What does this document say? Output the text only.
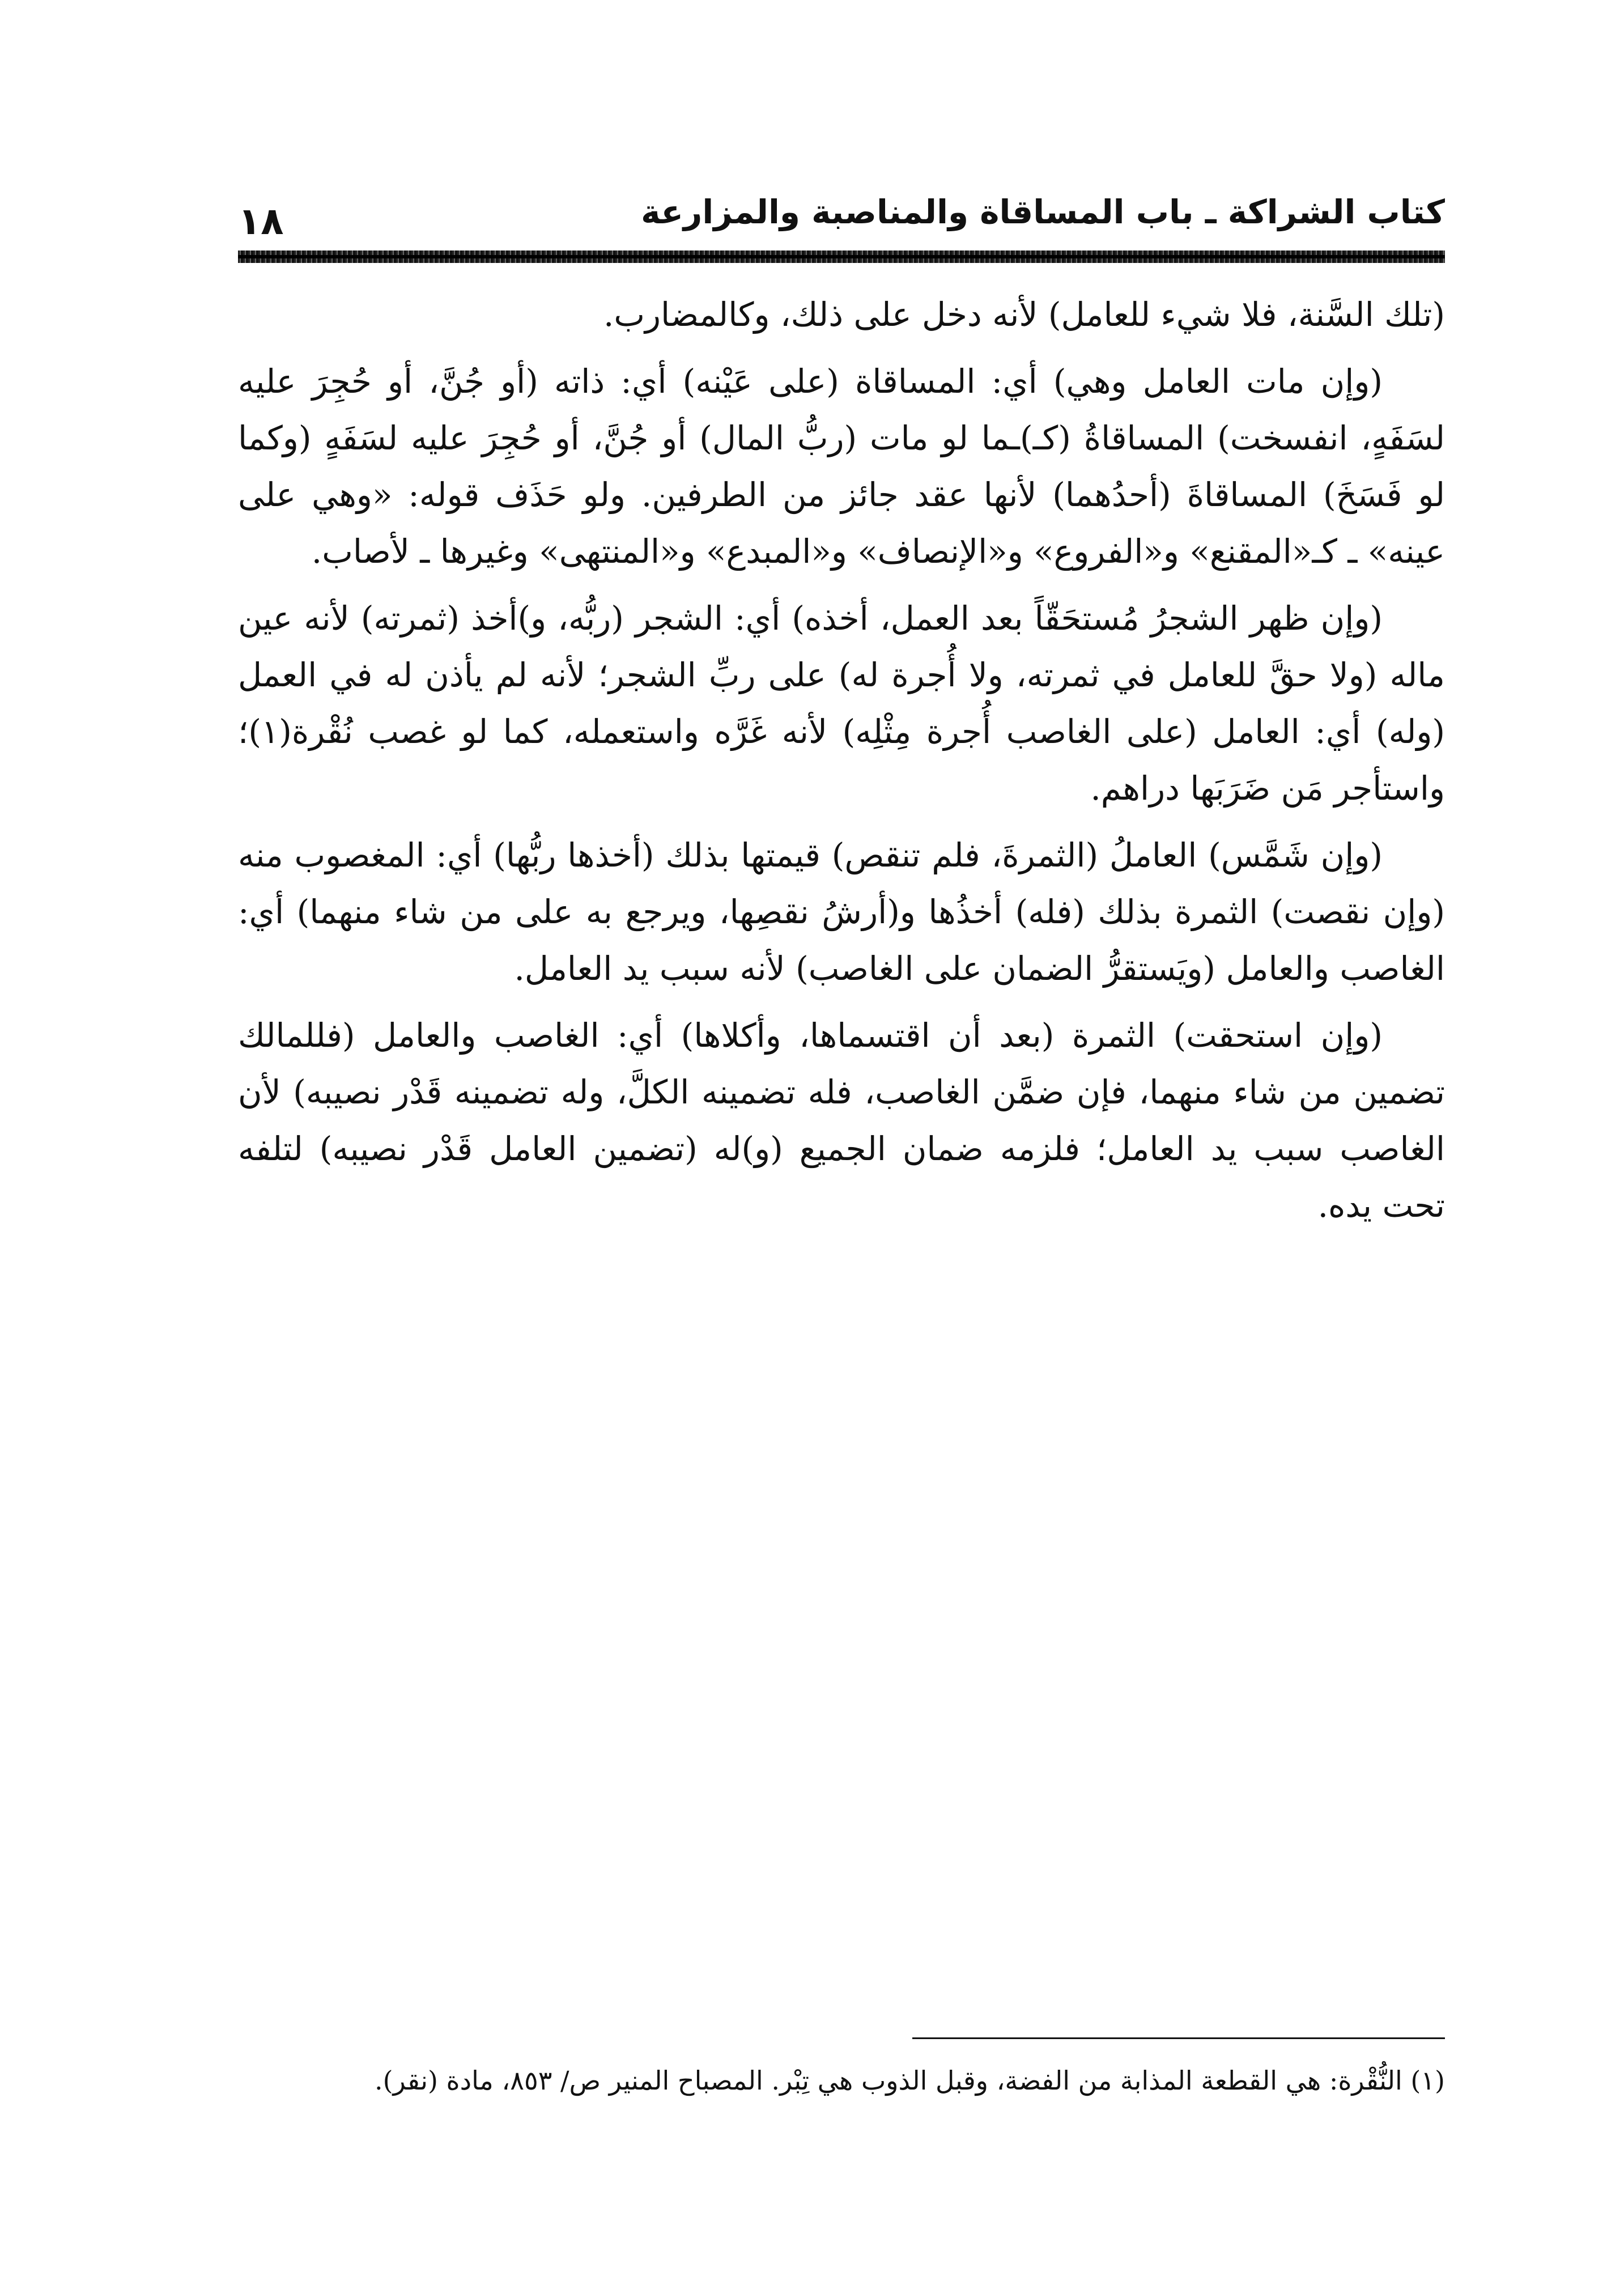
كتاب الشراكة ـ باب المساقاة والمناصبة والمزارعة
١٨

(تلك السَّنة، فلا شيء للعامل) لأنه دخل على ذلك، وكالمضارب.

(وإن مات العامل وهي) أي: المساقاة (على عَيْنه) أي: ذاته (أو جُنَّ، أو حُجِرَ عليه لسَفَهٍ، انفسخت) المساقاةُ (كـ)ـما لو مات (ربُّ المال) أو جُنَّ، أو حُجِرَ عليه لسَفَهٍ (وكما لو فَسَخَ) المساقاةَ (أحدُهما) لأنها عقد جائز من الطرفين. ولو حَذَف قوله: «وهي على عينه» ـ كـ«المقنع» و«الفروع» و«الإنصاف» و«المبدع» و«المنتهى» وغيرها ـ لأصاب.

(وإن ظهر الشجرُ مُستحَقّاً بعد العمل، أخذه) أي: الشجر (ربُّه، و)أخذ (ثمرته) لأنه عين ماله (ولا حقَّ للعامل في ثمرته، ولا أُجرة له) على ربِّ الشجر؛ لأنه لم يأذن له في العمل (وله) أي: العامل (على الغاصب أُجرة مِثْلِه) لأنه غَرَّه واستعمله، كما لو غصب نُقْرة(١)؛ واستأجر مَن ضَرَبَها دراهم.

(وإن شَمَّس) العاملُ (الثمرةَ، فلم تنقص) قيمتها بذلك (أخذها ربُّها) أي: المغصوب منه (وإن نقصت) الثمرة بذلك (فله) أخذُها و(أرشُ نقصِها، ويرجع به على من شاء منهما) أي: الغاصب والعامل (ويَستقرُّ الضمان على الغاصب) لأنه سبب يد العامل.

(وإن استحقت) الثمرة (بعد أن اقتسماها، وأكلاها) أي: الغاصب والعامل (فللمالك تضمين من شاء منهما، فإن ضمَّن الغاصب، فله تضمينه الكلَّ، وله تضمينه قَدْر نصيبه) لأن الغاصب سبب يد العامل؛ فلزمه ضمان الجميع (و)له (تضمين العامل قَدْر نصيبه) لتلفه تحت يده.

(١) النُّقْرة: هي القطعة المذابة من الفضة، وقبل الذوب هي تِبْر. المصباح المنير ص/ ٨٥٣، مادة (نقر).
